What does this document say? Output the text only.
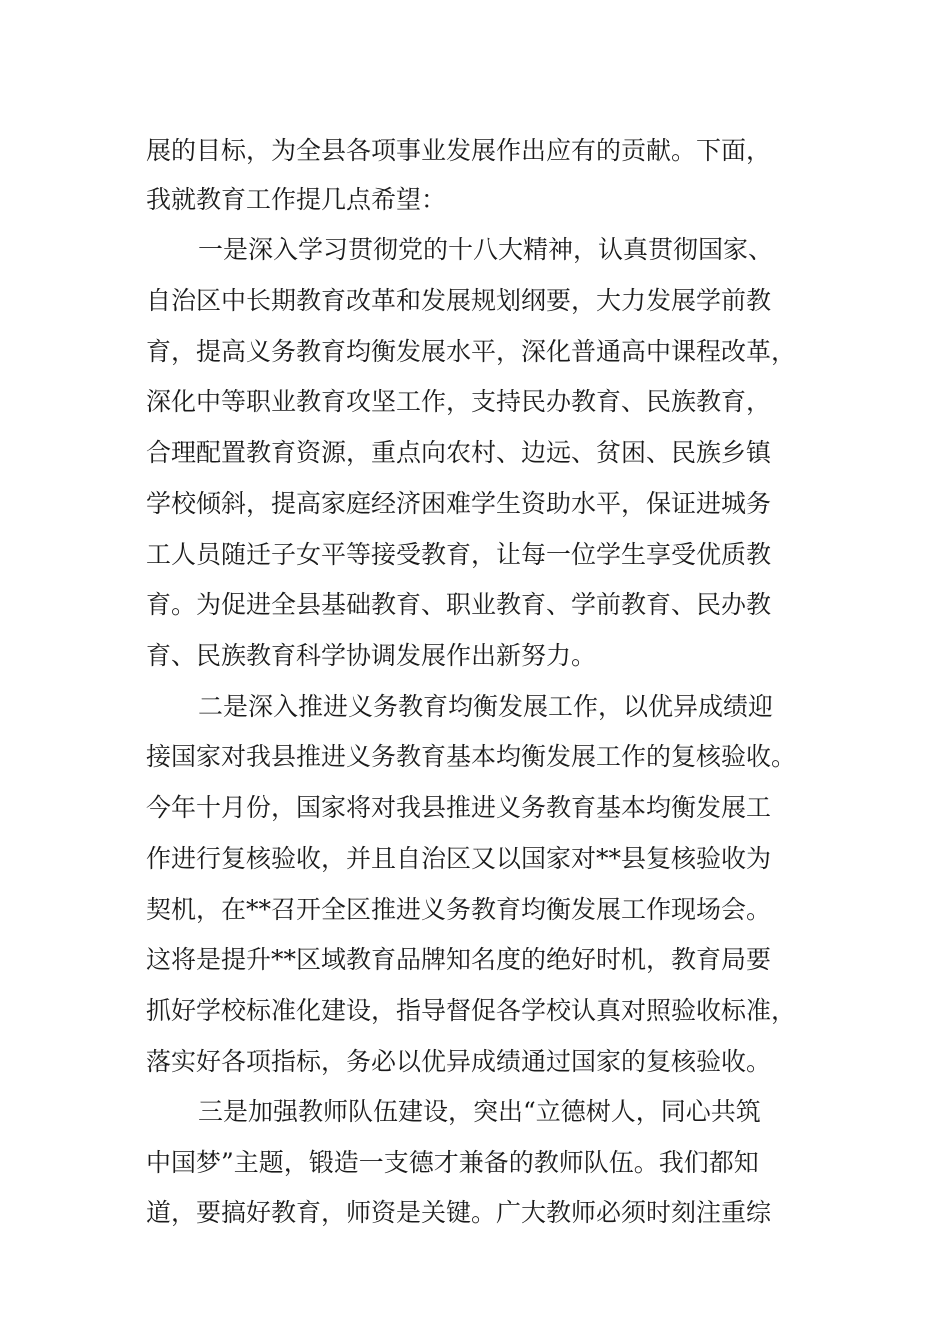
展的目标，为全县各项事业发展作出应有的贡献。下面，
我就教育工作提几点希望：
一是深入学习贯彻党的十八大精神，认真贯彻国家、
自治区中长期教育改革和发展规划纲要，大力发展学前教
育，提高义务教育均衡发展水平，深化普通高中课程改革，
深化中等职业教育攻坚工作，支持民办教育、民族教育，
合理配置教育资源，重点向农村、边远、贫困、民族乡镇
学校倾斜，提高家庭经济困难学生资助水平，保证进城务
工人员随迁子女平等接受教育，让每一位学生享受优质教
育。为促进全县基础教育、职业教育、学前教育、民办教
育、民族教育科学协调发展作出新努力。
二是深入推进义务教育均衡发展工作，以优异成绩迎
接国家对我县推进义务教育基本均衡发展工作的复核验收。
今年十月份，国家将对我县推进义务教育基本均衡发展工
作进行复核验收，并且自治区又以国家对**县复核验收为
契机，在**召开全区推进义务教育均衡发展工作现场会。
这将是提升**区域教育品牌知名度的绝好时机，教育局要
抓好学校标准化建设，指导督促各学校认真对照验收标准，
落实好各项指标，务必以优异成绩通过国家的复核验收。
三是加强教师队伍建设，突出“立德树人，同心共筑
中国梦”主题，锻造一支德才兼备的教师队伍。我们都知
道，要搞好教育，师资是关键。广大教师必须时刻注重综
